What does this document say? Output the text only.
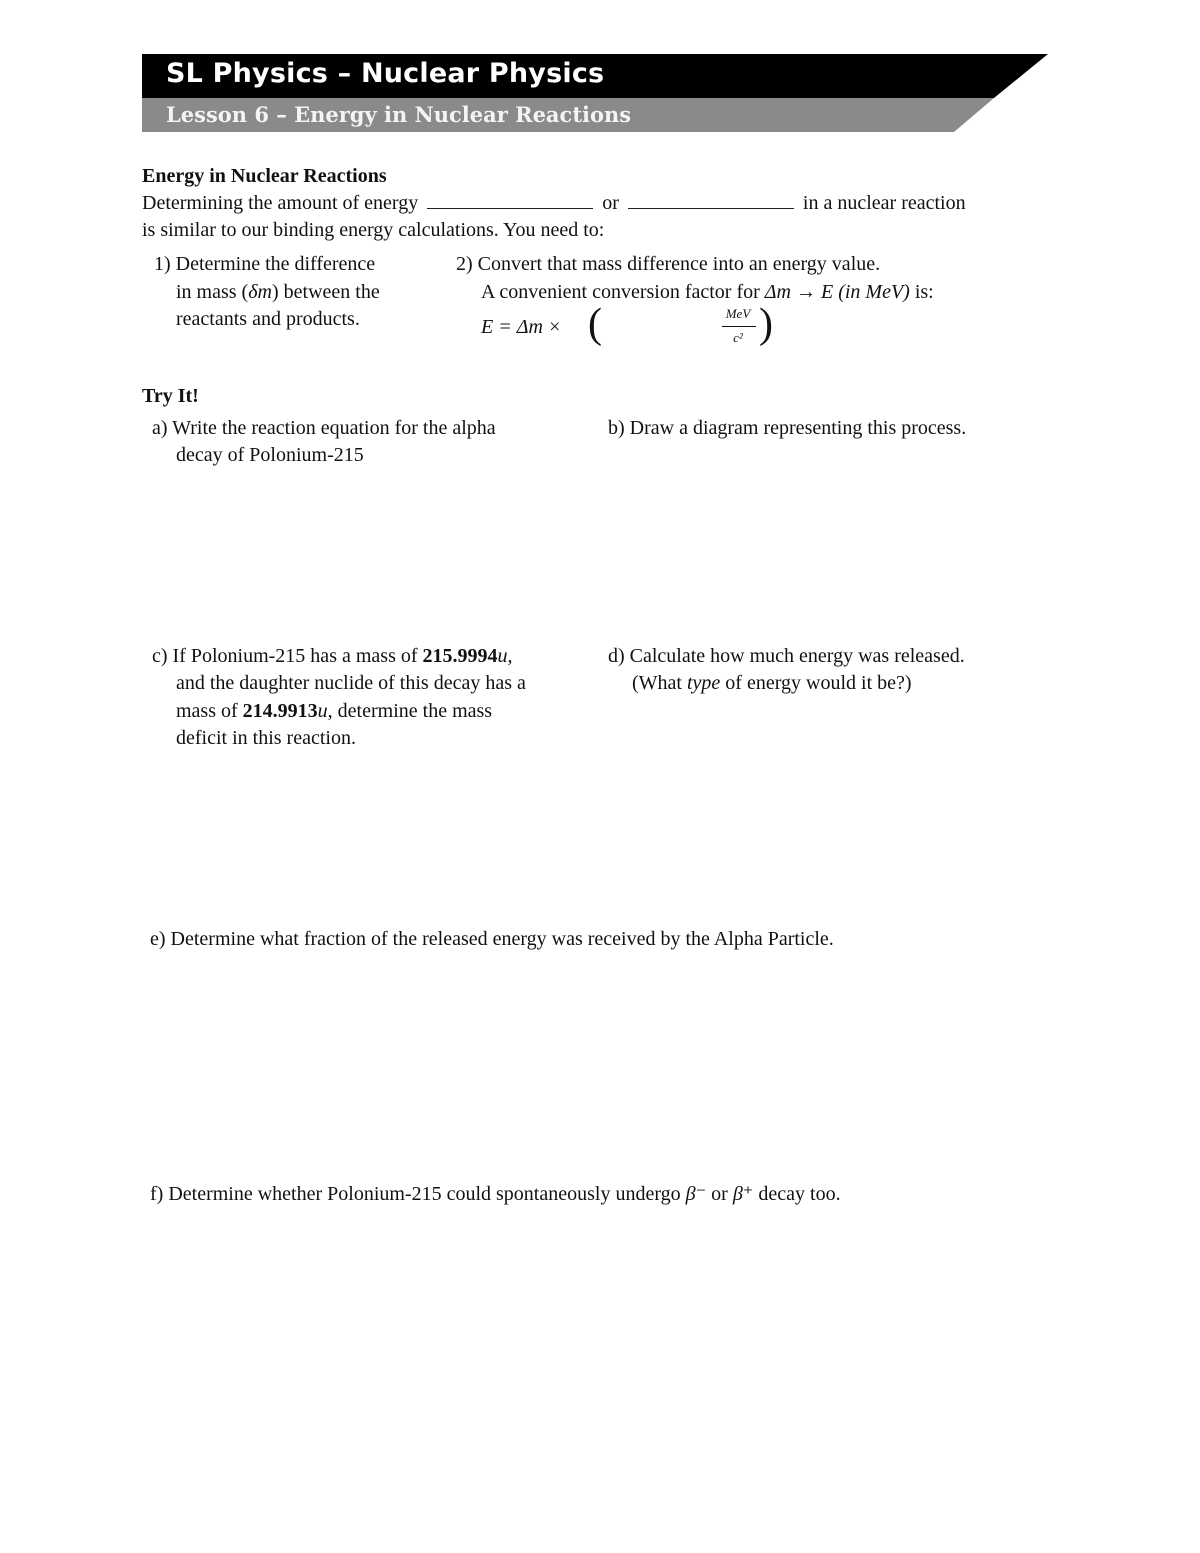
SL Physics – Nuclear Physics
Lesson 6 – Energy in Nuclear Reactions
Energy in Nuclear Reactions
Determining the amount of energy	or	in a nuclear reaction
is similar to our binding energy calculations. You need to:
1) Determine the difference
in mass (δm) between the
reactants and products.
2) Convert that mass difference into an energy value.
A convenient conversion factor for Δm → E (in MeV) is:
E = Δm × (	MeV
c² )
Try It!
a) Write the reaction equation for the alpha
decay of Polonium-215
b) Draw a diagram representing this process.
c) If Polonium-215 has a mass of 215.9994u,
and the daughter nuclide of this decay has a
mass of 214.9913u, determine the mass
deficit in this reaction.
d) Calculate how much energy was released.
(What type of energy would it be?)
e) Determine what fraction of the released energy was received by the Alpha Particle.
f) Determine whether Polonium-215 could spontaneously undergo β⁻ or β⁺ decay too.
